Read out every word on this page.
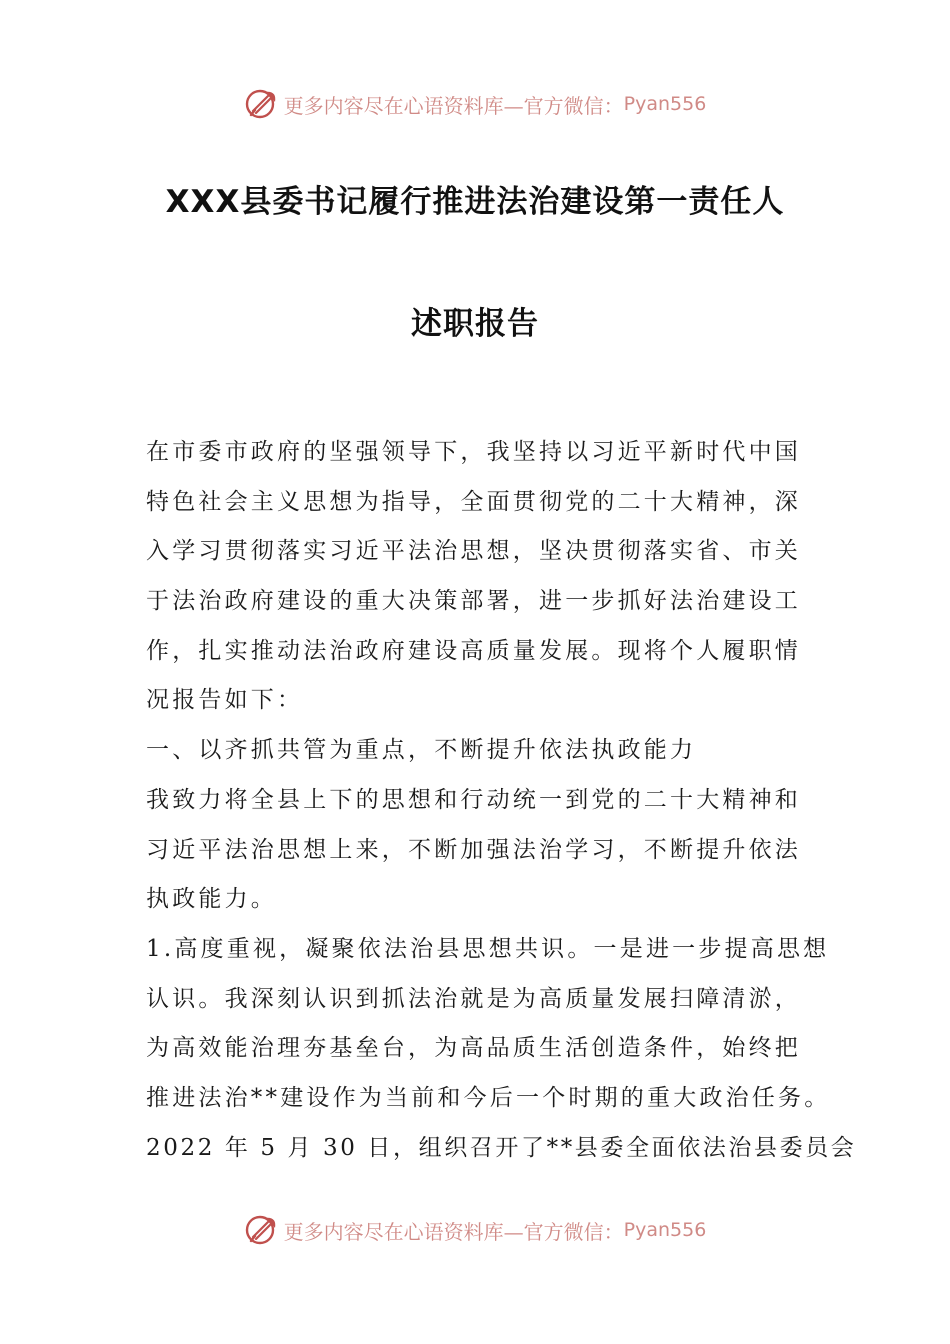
更多内容尽在心语资料库—官方微信： Pyan556
XXX县委书记履行推进法治建设第一责任人
述职报告
在市委市政府的坚强领导下，我坚持以习近平新时代中国
特色社会主义思想为指导，全面贯彻党的二十大精神，深
入学习贯彻落实习近平法治思想，坚决贯彻落实省、市关
于法治政府建设的重大决策部署，进一步抓好法治建设工
作，扎实推动法治政府建设高质量发展。现将个人履职情
况报告如下：
一、以齐抓共管为重点，不断提升依法执政能力
我致力将全县上下的思想和行动统一到党的二十大精神和
习近平法治思想上来，不断加强法治学习，不断提升依法
执政能力。
1.高度重视，凝聚依法治县思想共识。一是进一步提高思想
认识。我深刻认识到抓法治就是为高质量发展扫障清淤，
为高效能治理夯基垒台，为高品质生活创造条件，始终把
推进法治**建设作为当前和今后一个时期的重大政治任务。
2022 年 5 月 30 日，组织召开了**县委全面依法治县委员会
更多内容尽在心语资料库—官方微信： Pyan556
